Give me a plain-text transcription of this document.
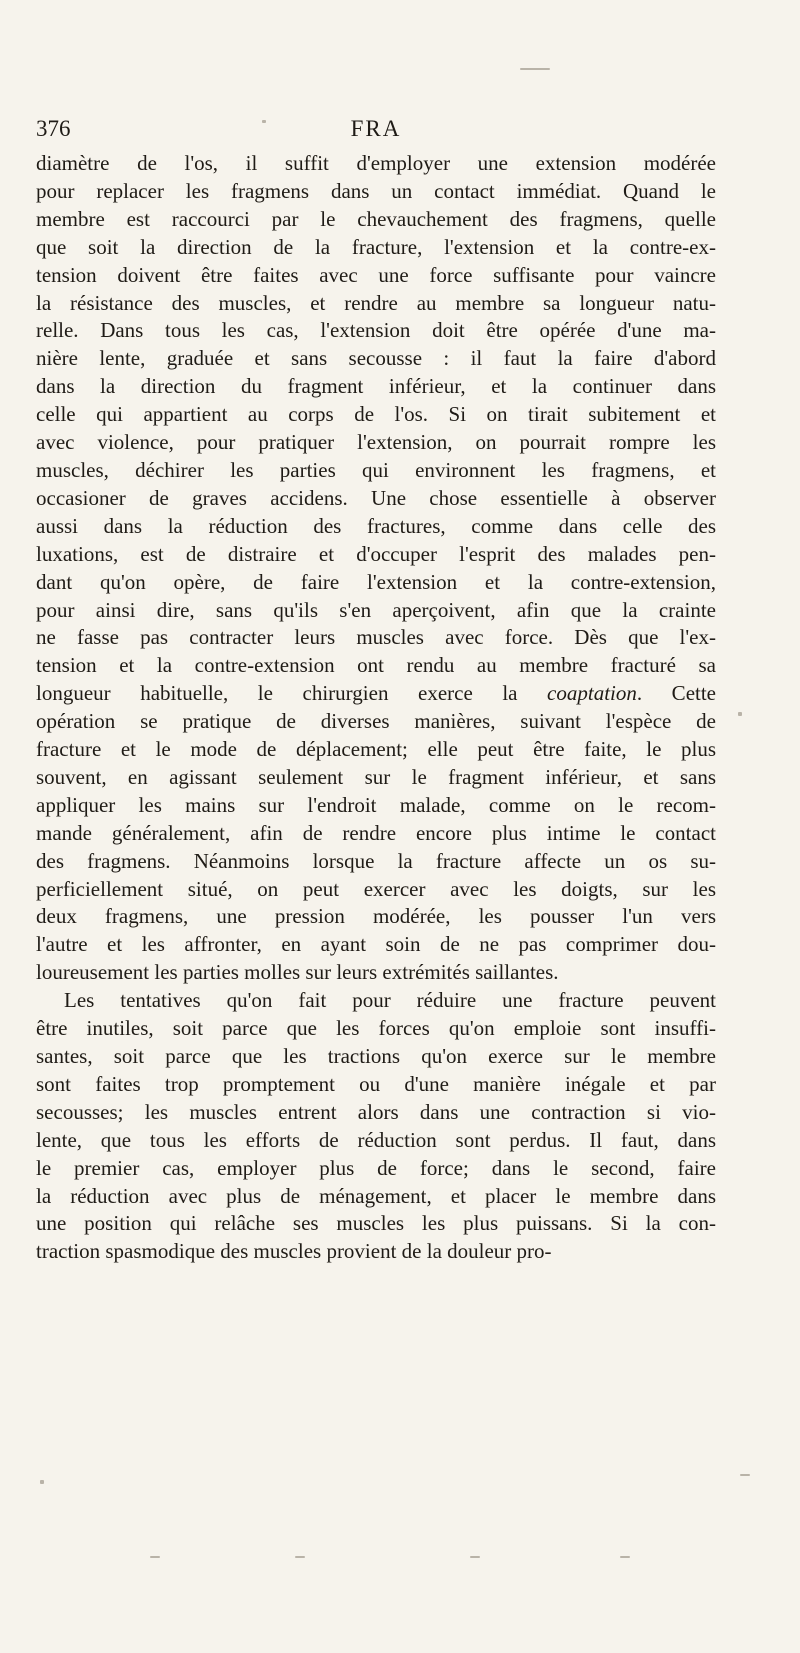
376	FRA
diamètre de l'os, il suffit d'employer une extension modérée
pour replacer les fragmens dans un contact immédiat. Quand le
membre est raccourci par le chevauchement des fragmens, quelle
que soit la direction de la fracture, l'extension et la contre-ex-
tension doivent être faites avec une force suffisante pour vaincre
la résistance des muscles, et rendre au membre sa longueur natu-
relle. Dans tous les cas, l'extension doit être opérée d'une ma-
nière lente, graduée et sans secousse : il faut la faire d'abord
dans la direction du fragment inférieur, et la continuer dans
celle qui appartient au corps de l'os. Si on tirait subitement et
avec violence, pour pratiquer l'extension, on pourrait rompre les
muscles, déchirer les parties qui environnent les fragmens, et
occasioner de graves accidens. Une chose essentielle à observer
aussi dans la réduction des fractures, comme dans celle des
luxations, est de distraire et d'occuper l'esprit des malades pen-
dant qu'on opère, de faire l'extension et la contre-extension,
pour ainsi dire, sans qu'ils s'en aperçoivent, afin que la crainte
ne fasse pas contracter leurs muscles avec force. Dès que l'ex-
tension et la contre-extension ont rendu au membre fracturé sa
longueur habituelle, le chirurgien exerce la coaptation. Cette
opération se pratique de diverses manières, suivant l'espèce de
fracture et le mode de déplacement; elle peut être faite, le plus
souvent, en agissant seulement sur le fragment inférieur, et sans
appliquer les mains sur l'endroit malade, comme on le recom-
mande généralement, afin de rendre encore plus intime le contact
des fragmens. Néanmoins lorsque la fracture affecte un os su-
perficiellement situé, on peut exercer avec les doigts, sur les
deux fragmens, une pression modérée, les pousser l'un vers
l'autre et les affronter, en ayant soin de ne pas comprimer dou-
loureusement les parties molles sur leurs extrémités saillantes.
Les tentatives qu'on fait pour réduire une fracture peuvent
être inutiles, soit parce que les forces qu'on emploie sont insuffi-
santes, soit parce que les tractions qu'on exerce sur le membre
sont faites trop promptement ou d'une manière inégale et par
secousses; les muscles entrent alors dans une contraction si vio-
lente, que tous les efforts de réduction sont perdus. Il faut, dans
le premier cas, employer plus de force; dans le second, faire
la réduction avec plus de ménagement, et placer le membre dans
une position qui relâche ses muscles les plus puissans. Si la con-
traction spasmodique des muscles provient de la douleur pro-
